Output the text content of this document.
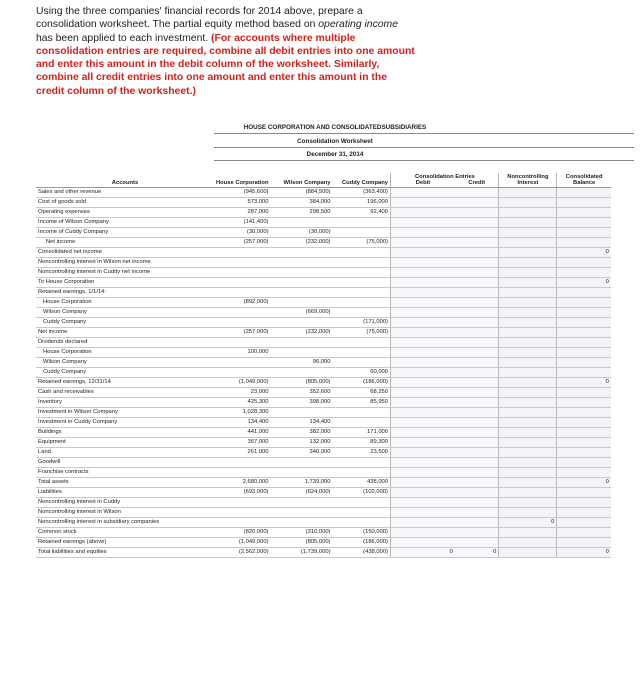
Using the three companies' financial records for 2014 above, prepare a consolidation worksheet. The partial equity method based on operating income has been applied to each investment. (For accounts where multiple consolidation entries are required, combine all debit entries into one amount and enter this amount in the debit column of the worksheet. Similarly, combine all credit entries into one amount and enter this amount in the credit column of the worksheet.)
HOUSE CORPORATION AND CONSOLIDATEDSUBSIDIARIES
Consolidation Worksheet
December 31, 2014
Accounts	House Corporation	Wilson Company	Cuddy Company	Consolidation Entries
Debit	Credit	Noncontrolling Interest	Consolidated Balance
Sales and other revenue	(945,600)	(884,500)	(363,400)				
Cost of goods sold	573,000	384,000	196,000				
Operating expenses	287,000	298,500	92,400				
Income of Wilson Company	(141,400)						
Income of Cuddy Company	(30,000)	(30,000)					
Net income	(257,000)	(232,000)	(75,000)				
Consolidated net income							0
Noncontrolling interest in Wilson net income							
Noncontrolling interest in Cuddy net income							
To House Corporation							0
Retained earnings, 1/1/14:							
House Corporation	(892,000)						
Wilson Company		(669,000)					
Cuddy Company			(171,000)				
Net income	(257,000)	(232,000)	(75,000)				
Dividends declared							
House Corporation	100,000						
Wilson Company		96,000					
Cuddy Company			60,000				
Retained earnings, 12/31/14	(1,049,000)	(805,000)	(186,000)				0
Cash and receivables	23,000	352,600	68,250				
Inventory	425,300	398,000	85,950				
Investment in Wilson Company	1,028,300						
Investment in Cuddy Company	134,400	134,400					
Buildings	441,000	382,000	171,000				
Equipment	367,000	132,000	89,300				
Land	261,000	340,000	23,500				
Goodwill							
Franchise contracts							
Total assets	2,680,000	1,739,000	438,000				0
Liabilities	(693,000)	(624,000)	(102,000)				
Noncontrolling interest in Cuddy							
Noncontrolling interest in Wilson							
Noncontrolling interest in subsidiary companies						0	
Common stock	(820,000)	(310,000)	(150,000)				
Retained earnings (above)	(1,049,000)	(805,000)	(186,000)				
Total liabilities and equities	(2,562,000)	(1,739,000)	(438,000)	0	0		0
